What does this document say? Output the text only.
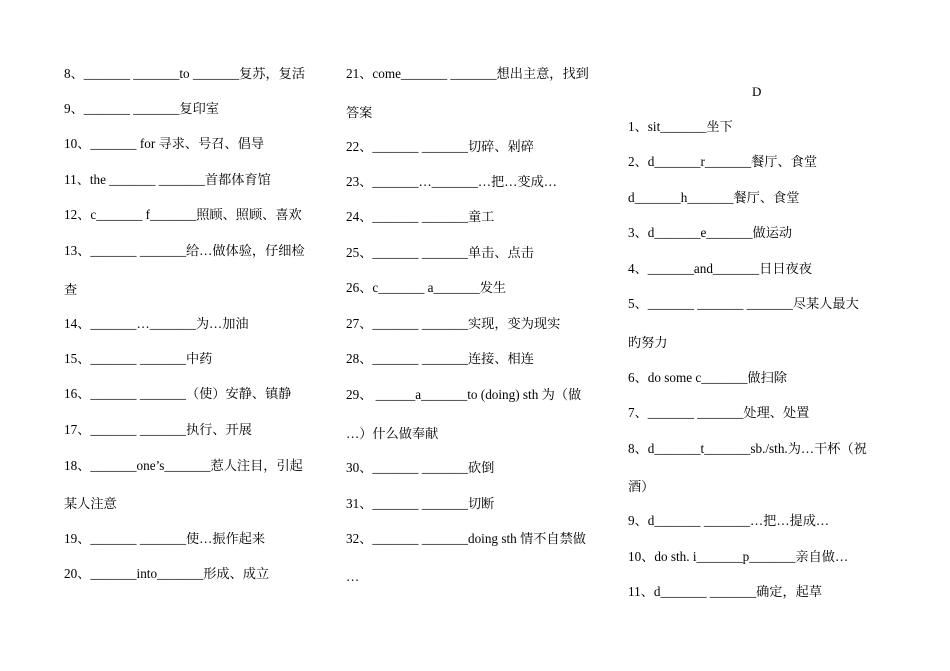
D
8、_______ _______to _______复苏，复活
9、_______ _______复印室
10、_______ for 寻求、号召、倡导
11、the _______ _______首都体育馆
12、c_______ f_______照顾、照顾、喜欢
13、_______ _______给…做体验，仔细检
查
14、_______…_______为…加油
15、_______ _______中药
16、_______ _______（使）安静、镇静
17、_______ _______执行、开展
18、_______one’s_______惹人注目，引起
某人注意
19、_______ _______使…振作起来
20、_______into_______形成、成立
21、come_______ _______想出主意，找到
答案
22、_______ _______切碎、剁碎
23、_______…_______…把…变成…
24、_______ _______童工
25、_______ _______单击、点击
26、c_______ a_______发生
27、_______ _______实现，变为现实
28、_______ _______连接、相连
29、 ______a_______to (doing) sth 为（做
…）什么做奉献
30、_______ _______砍倒
31、_______ _______切断
32、_______ _______doing sth 情不自禁做
…
1、sit_______坐下
2、d_______r_______餐厅、食堂
d_______h_______餐厅、食堂
3、d_______e_______做运动
4、_______and_______日日夜夜
5、_______ _______ _______尽某人最大
旳努力
6、do some c_______做扫除
7、_______ _______处理、处置
8、d_______t_______sb./sth.为…干杯（祝
酒）
9、d_______ _______…把…提成…
10、do sth. i_______p_______亲自做…
11、d_______ _______确定，起草
